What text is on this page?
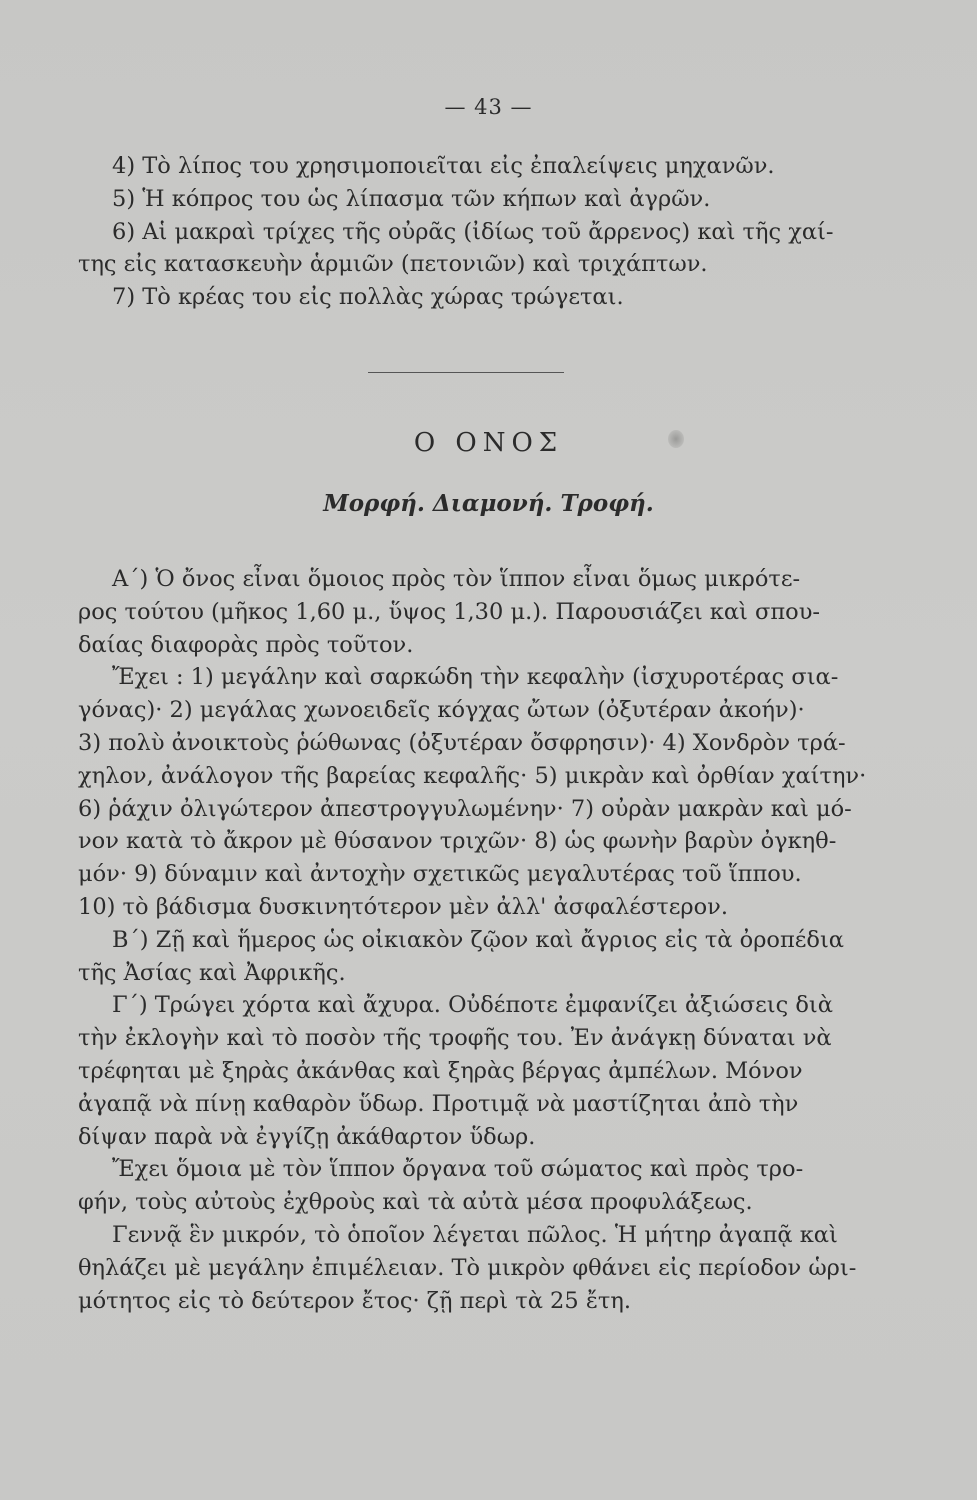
— 43 —
4) Τὸ λίπος του χρησιμοποιεῖται εἰς ἐπαλείψεις μηχανῶν.
5) Ἡ κόπρος του ὡς λίπασμα τῶν κήπων καὶ ἀγρῶν.
6) Αἱ μακραὶ τρίχες τῆς οὐρᾶς (ἰδίως τοῦ ἄρρενος) καὶ τῆς χαί-
της εἰς κατασκευὴν ἁρμιῶν (πετονιῶν) καὶ τριχάπτων.
7) Τὸ κρέας του εἰς πολλὰς χώρας τρώγεται.
Ο ΟΝΟΣ
Μορφή. Διαμονή. Τροφή.
Α΄) Ὁ ὄνος εἶναι ὅμοιος πρὸς τὸν ἵππον εἶναι ὅμως μικρότε-
ρος τούτου (μῆκος 1,60 μ., ὕψος 1,30 μ.). Παρουσιάζει καὶ σπου-
δαίας διαφορὰς πρὸς τοῦτον.
Ἔχει : 1) μεγάλην καὶ σαρκώδη τὴν κεφαλὴν (ἰσχυροτέρας σια-
γόνας)· 2) μεγάλας χωνοειδεῖς κόγχας ὤτων (ὀξυτέραν ἀκοήν)·
3) πολὺ ἀνοικτοὺς ῥώθωνας (ὀξυτέραν ὄσφρησιν)· 4) Χονδρὸν τρά-
χηλον, ἀνάλογον τῆς βαρείας κεφαλῆς· 5) μικρὰν καὶ ὀρθίαν χαίτην·
6) ῥάχιν ὀλιγώτερον ἀπεστρογγυλωμένην· 7) οὐρὰν μακρὰν καὶ μό-
νον κατὰ τὸ ἄκρον μὲ θύσανον τριχῶν· 8) ὡς φωνὴν βαρὺν ὀγκηθ-
μόν· 9) δύναμιν καὶ ἀντοχὴν σχετικῶς μεγαλυτέρας τοῦ ἵππου.
10) τὸ βάδισμα δυσκινητότερον μὲν ἀλλ' ἀσφαλέστερον.
Β΄) Ζῇ καὶ ἥμερος ὡς οἰκιακὸν ζῷον καὶ ἄγριος εἰς τὰ ὀροπέδια
τῆς Ἀσίας καὶ Ἀφρικῆς.
Γ΄) Τρώγει χόρτα καὶ ἄχυρα. Οὐδέποτε ἐμφανίζει ἀξιώσεις διὰ
τὴν ἐκλογὴν καὶ τὸ ποσὸν τῆς τροφῆς του. Ἐν ἀνάγκῃ δύναται νὰ
τρέφηται μὲ ξηρὰς ἀκάνθας καὶ ξηρὰς βέργας ἀμπέλων. Μόνον
ἀγαπᾷ νὰ πίνῃ καθαρὸν ὕδωρ. Προτιμᾷ νὰ μαστίζηται ἀπὸ τὴν
δίψαν παρὰ νὰ ἐγγίζῃ ἀκάθαρτον ὕδωρ.
Ἔχει ὅμοια μὲ τὸν ἵππον ὄργανα τοῦ σώματος καὶ πρὸς τρο-
φήν, τοὺς αὐτοὺς ἐχθροὺς καὶ τὰ αὐτὰ μέσα προφυλάξεως.
Γεννᾷ ἓν μικρόν, τὸ ὁποῖον λέγεται πῶλος. Ἡ μήτηρ ἀγαπᾷ καὶ
θηλάζει μὲ μεγάλην ἐπιμέλειαν. Τὸ μικρὸν φθάνει εἰς περίοδον ὡρι-
μότητος εἰς τὸ δεύτερον ἔτος· ζῇ περὶ τὰ 25 ἔτη.
